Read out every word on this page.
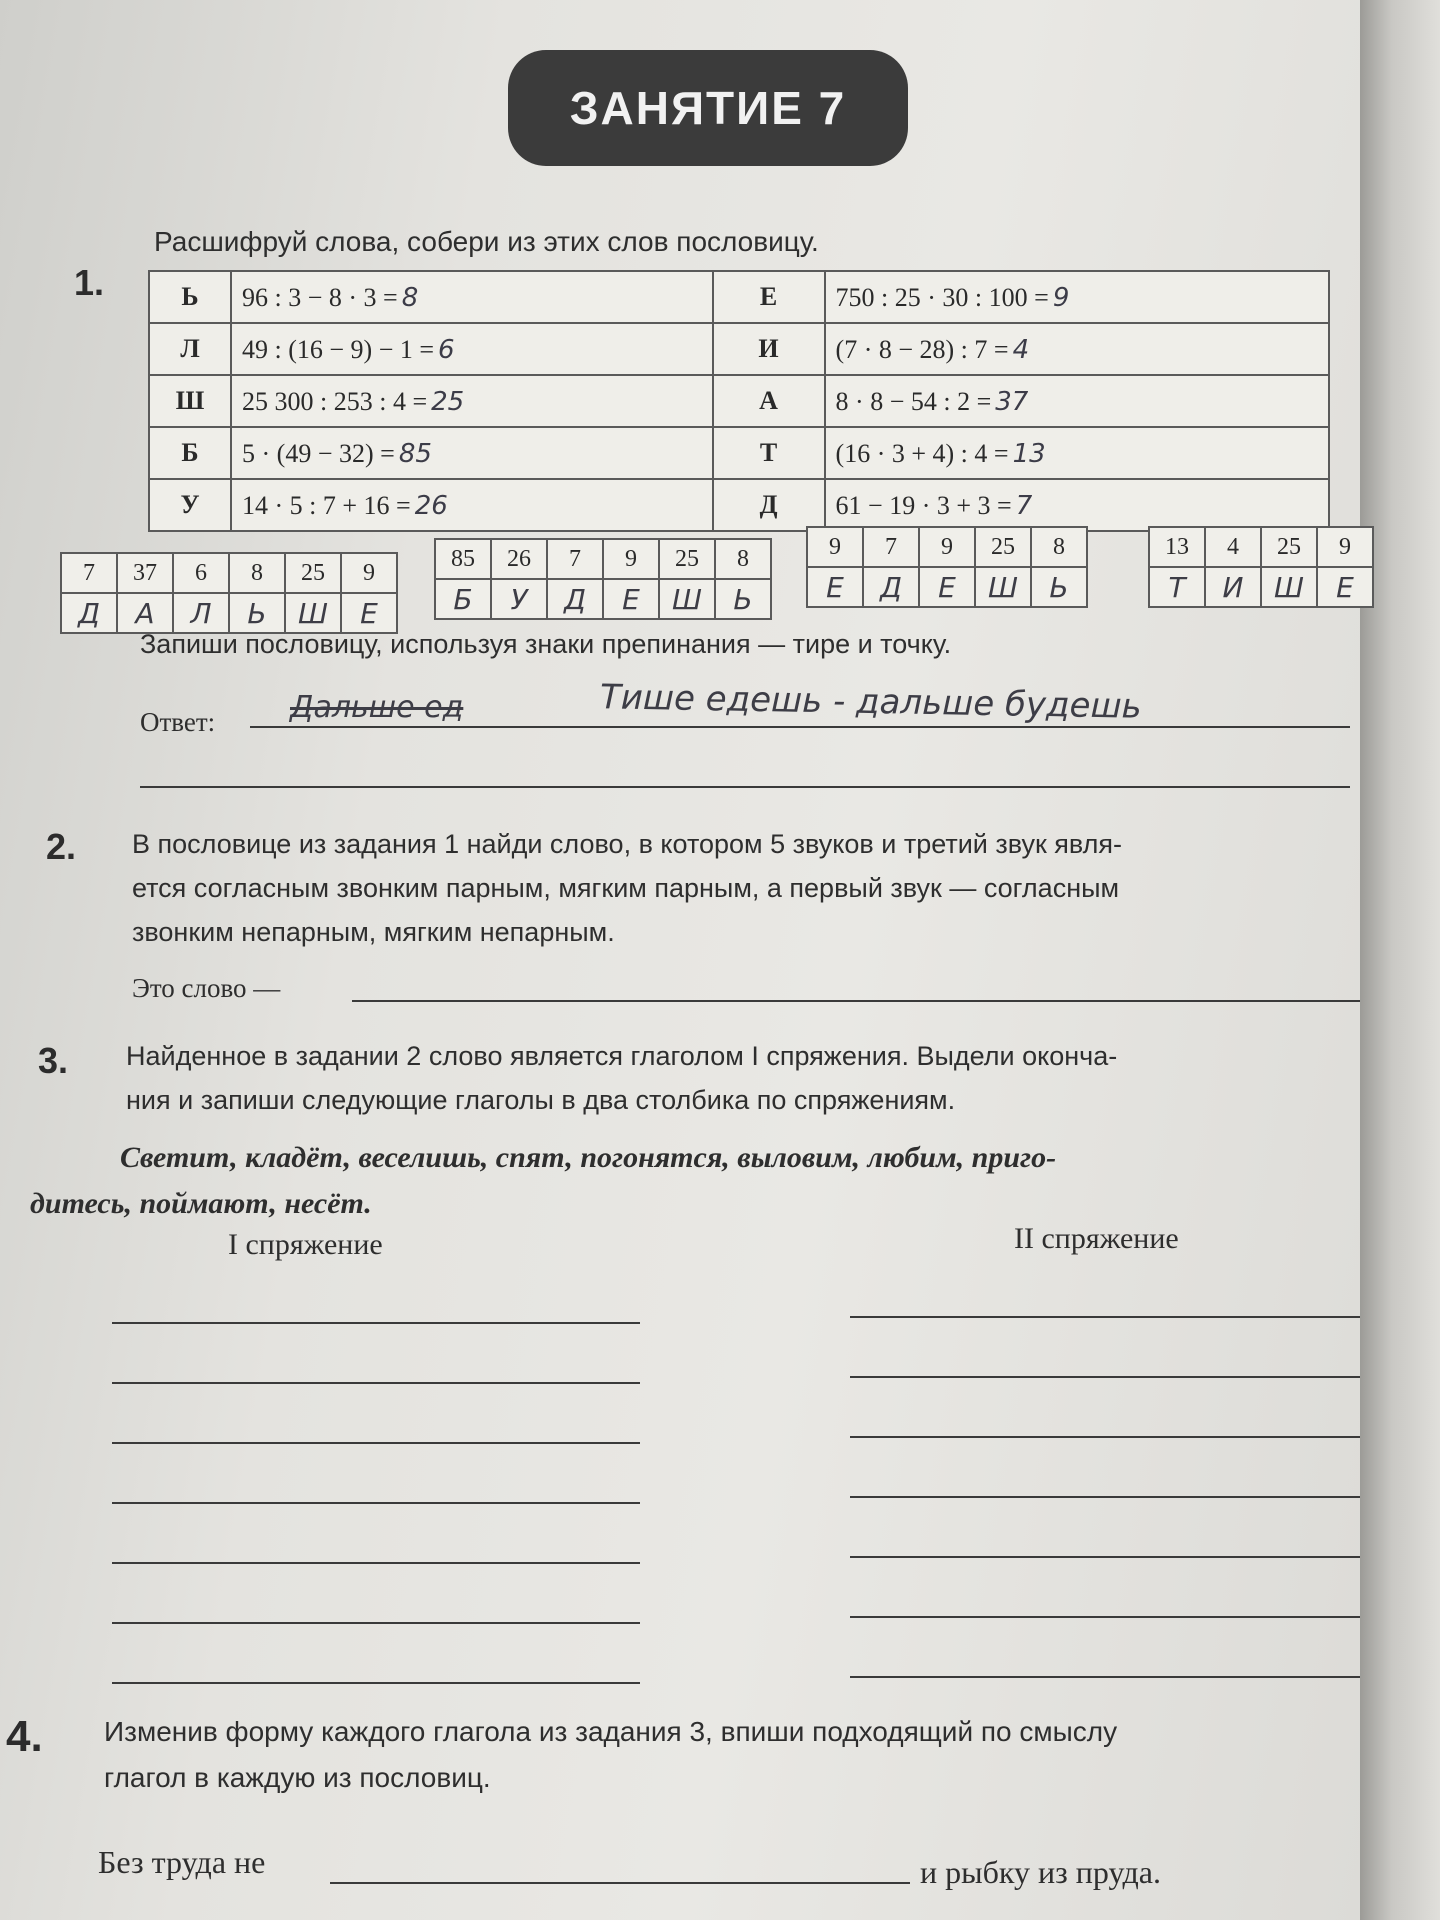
ЗАНЯТИЕ 7
1.
Расшифруй слова, собери из этих слов пословицу.
Ь	96 : 3 − 8 · 3 = 8	Е	750 : 25 · 30 : 100 = 9
Л	49 : (16 − 9) − 1 = 6	И	(7 · 8 − 28) : 7 = 4
Ш	25 300 : 253 : 4 = 25	А	8 · 8 − 54 : 2 = 37
Б	5 · (49 − 32) = 85	Т	(16 · 3 + 4) : 4 = 13
У	14 · 5 : 7 + 16 = 26	Д	61 − 19 · 3 + 3 = 7
7	37	6	8	25	9
Д	А	Л	Ь	Ш	Е
85	26	7	9	25	8
Б	У	Д	Е	Ш	Ь
9	7	9	25	8
Е	Д	Е	Ш	Ь
13	4	25	9
Т	И	Ш	Е
Запиши пословицу, используя знаки препинания — тире и точку.
Ответ: Дальше ед	Тише едешь - дальше будешь
2. В пословице из задания 1 найди слово, в котором 5 звуков и третий звук явля-
ется согласным звонким парным, мягким парным, а первый звук — согласным
звонким непарным, мягким непарным.
Это слово —
3. Найденное в задании 2 слово является глаголом I спряжения. Выдели оконча-
ния и запиши следующие глаголы в два столбика по спряжениям.
Светит, кладёт, веселишь, спят, погонятся, выловим, любим, приго-
дитесь, поймают, несёт.
I спряжение	II спряжение
4. Изменив форму каждого глагола из задания 3, впиши подходящий по смыслу
глагол в каждую из пословиц.
Без труда не	и рыбку из пруда.
